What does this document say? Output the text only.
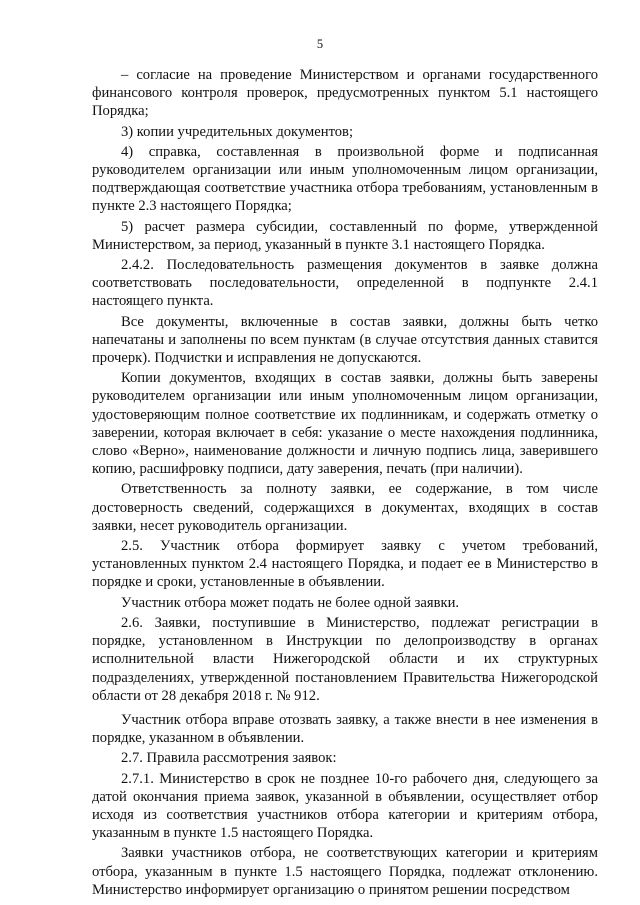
5

– согласие на проведение Министерством и органами государственного финансового контроля проверок, предусмотренных пунктом 5.1 настоящего Порядка;

3) копии учредительных документов;

4) справка, составленная в произвольной форме и подписанная руководителем организации или иным уполномоченным лицом организации, подтверждающая соответствие участника отбора требованиям, установленным в пункте 2.3 настоящего Порядка;

5) расчет размера субсидии, составленный по форме, утвержденной Министерством, за период, указанный в пункте 3.1 настоящего Порядка.

2.4.2. Последовательность размещения документов в заявке должна соответствовать последовательности, определенной в подпункте 2.4.1 настоящего пункта.

Все документы, включенные в состав заявки, должны быть четко напечатаны и заполнены по всем пунктам (в случае отсутствия данных ставится прочерк). Подчистки и исправления не допускаются.

Копии документов, входящих в состав заявки, должны быть заверены руководителем организации или иным уполномоченным лицом организации, удостоверяющим полное соответствие их подлинникам, и содержать отметку о заверении, которая включает в себя: указание о месте нахождения подлинника, слово «Верно», наименование должности и личную подпись лица, заверившего копию, расшифровку подписи, дату заверения, печать (при наличии).

Ответственность за полноту заявки, ее содержание, в том числе достоверность сведений, содержащихся в документах, входящих в состав заявки, несет руководитель организации.

2.5. Участник отбора формирует заявку с учетом требований, установленных пунктом 2.4 настоящего Порядка, и подает ее в Министерство в порядке и сроки, установленные в объявлении.

Участник отбора может подать не более одной заявки.

2.6. Заявки, поступившие в Министерство, подлежат регистрации в порядке, установленном в Инструкции по делопроизводству в органах исполнительной власти Нижегородской области и их структурных подразделениях, утвержденной постановлением Правительства Нижегородской области от 28 декабря 2018 г. № 912.

Участник отбора вправе отозвать заявку, а также внести в нее изменения в порядке, указанном в объявлении.

2.7. Правила рассмотрения заявок:

2.7.1. Министерство в срок не позднее 10-го рабочего дня, следующего за датой окончания приема заявок, указанной в объявлении, осуществляет отбор исходя из соответствия участников отбора категории и критериям отбора, указанным в пункте 1.5 настоящего Порядка.

Заявки участников отбора, не соответствующих категории и критериям отбора, указанным в пункте 1.5 настоящего Порядка, подлежат отклонению. Министерство информирует организацию о принятом решении посредством
